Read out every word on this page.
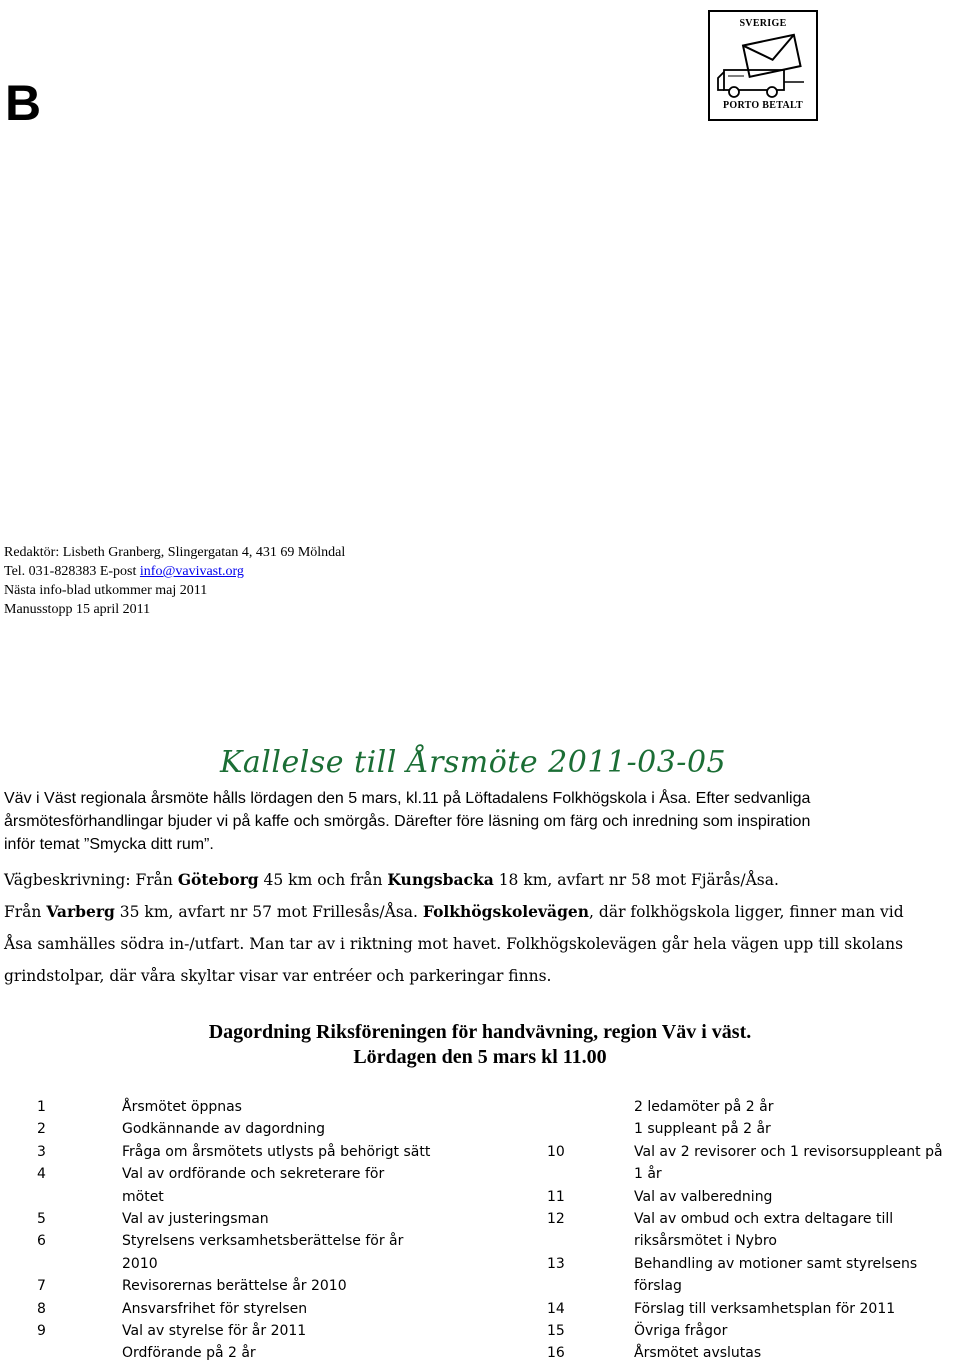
B
SVERIGE
PORTO BETALT
Redaktör: Lisbeth Granberg, Slingergatan 4, 431 69 Mölndal
Tel. 031-828383 E-post info@vavivast.org
Nästa info-blad utkommer maj 2011
Manusstopp 15 april 2011
Kallelse till Årsmöte 2011-03-05
Väv i Väst regionala årsmöte hålls lördagen den 5 mars, kl.11 på Löftadalens Folkhögskola i Åsa. Efter sedvanliga
årsmötesförhandlingar bjuder vi på kaffe och smörgås. Därefter före läsning om färg och inredning som inspiration
inför temat ”Smycka ditt rum”.

Vägbeskrivning: Från Göteborg 45 km och från Kungsbacka 18 km, avfart nr 58 mot Fjärås/Åsa.

Från Varberg 35 km, avfart nr 57 mot Frillesås/Åsa. Folkhögskolevägen, där folkhögskola ligger, finner man vid

Åsa samhälles södra in-/utfart. Man tar av i riktning mot havet. Folkhögskolevägen går hela vägen upp till skolans

grindstolpar, där våra skyltar visar var entréer och parkeringar finns.

Dagordning Riksföreningen för handvävning, region Väv i väst.
Lördagen den 5 mars kl 11.00
1	Årsmötet öppnas
2	Godkännande av dagordning
3	Fråga om årsmötets utlysts på behörigt sätt
4	Val av ordförande och sekreterare för
mötet
5	Val av justeringsman
6	Styrelsens verksamhetsberättelse för år
2010
7	Revisorernas berättelse år 2010
8	Ansvarsfrihet för styrelsen
9	Val av styrelse för år 2011
Ordförande på 2 år
2 ledamöter på 2 år
1 suppleant på 2 år
10	Val av 2 revisorer och 1 revisorsuppleant på
1 år
11	Val av valberedning
12	Val av ombud och extra deltagare till
riksårsmötet i Nybro
13	Behandling av motioner samt styrelsens
förslag
14	Förslag till verksamhetsplan för 2011
15	Övriga frågor
16	Årsmötet avslutas
